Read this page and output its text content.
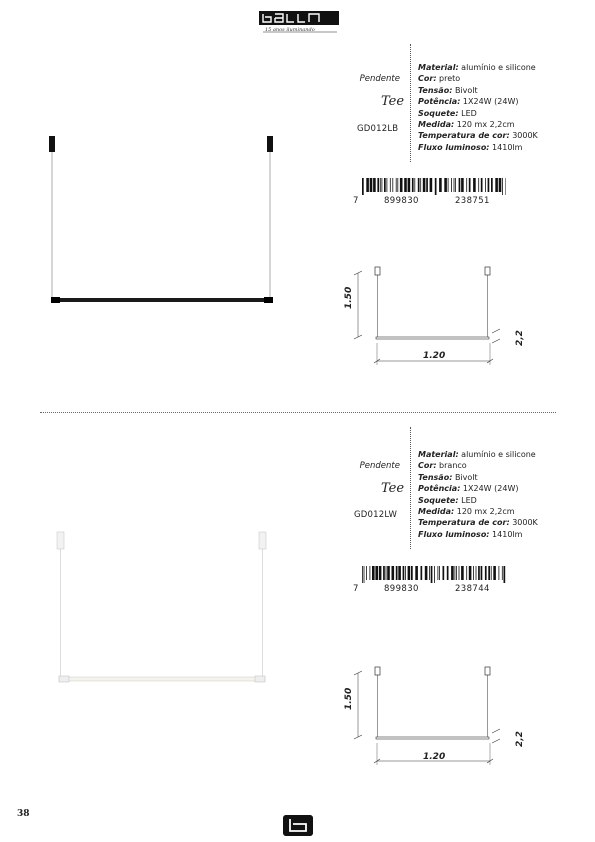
15 anos iluminando
Pendente
Tee
GD012LB
Material: alumínio e silicone
Cor: preto
Tensão: Bivolt
Potência: 1X24W (24W)
Soquete: LED
Medida: 120 mx 2,2cm
Temperatura de cor: 3000K
Fluxo luminoso: 1410lm
7	899830	238751
1.50
1.20
2,2
Pendente
Tee
GD012LW
Material: alumínio e silicone
Cor: branco
Tensão: Bivolt
Potência: 1X24W (24W)
Soquete: LED
Medida: 120 mx 2,2cm
Temperatura de cor: 3000K
Fluxo luminoso: 1410lm
7	899830	238744
1.50
1.20
2,2
38
